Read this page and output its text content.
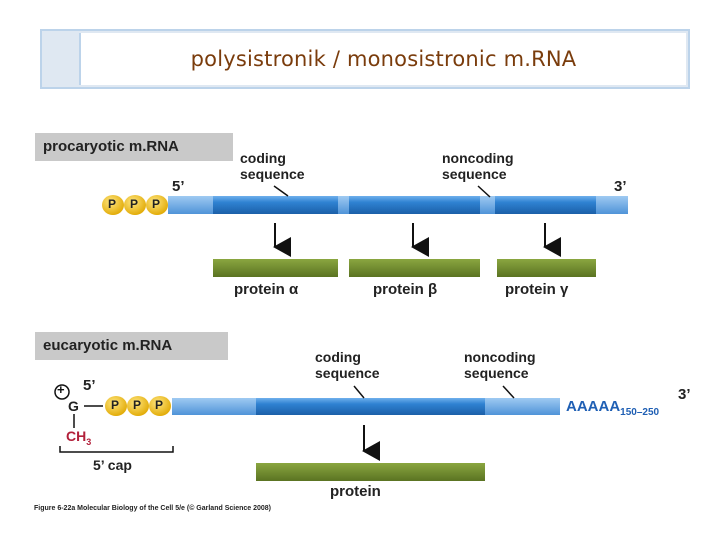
polysistronik / monosistronic m.RNA
procaryotic m.RNA
eucaryotic m.RNA
coding
sequence
noncoding
sequence
5’	3’
P P P
protein α	protein β	protein γ
coding
sequence
noncoding
sequence
5’
3’
+
G
$CH_3$
P P P	$AAAAA_{150-250}$
5’ cap
protein
Figure 6-22a Molecular Biology of the Cell 5/e (© Garland Science 2008)
